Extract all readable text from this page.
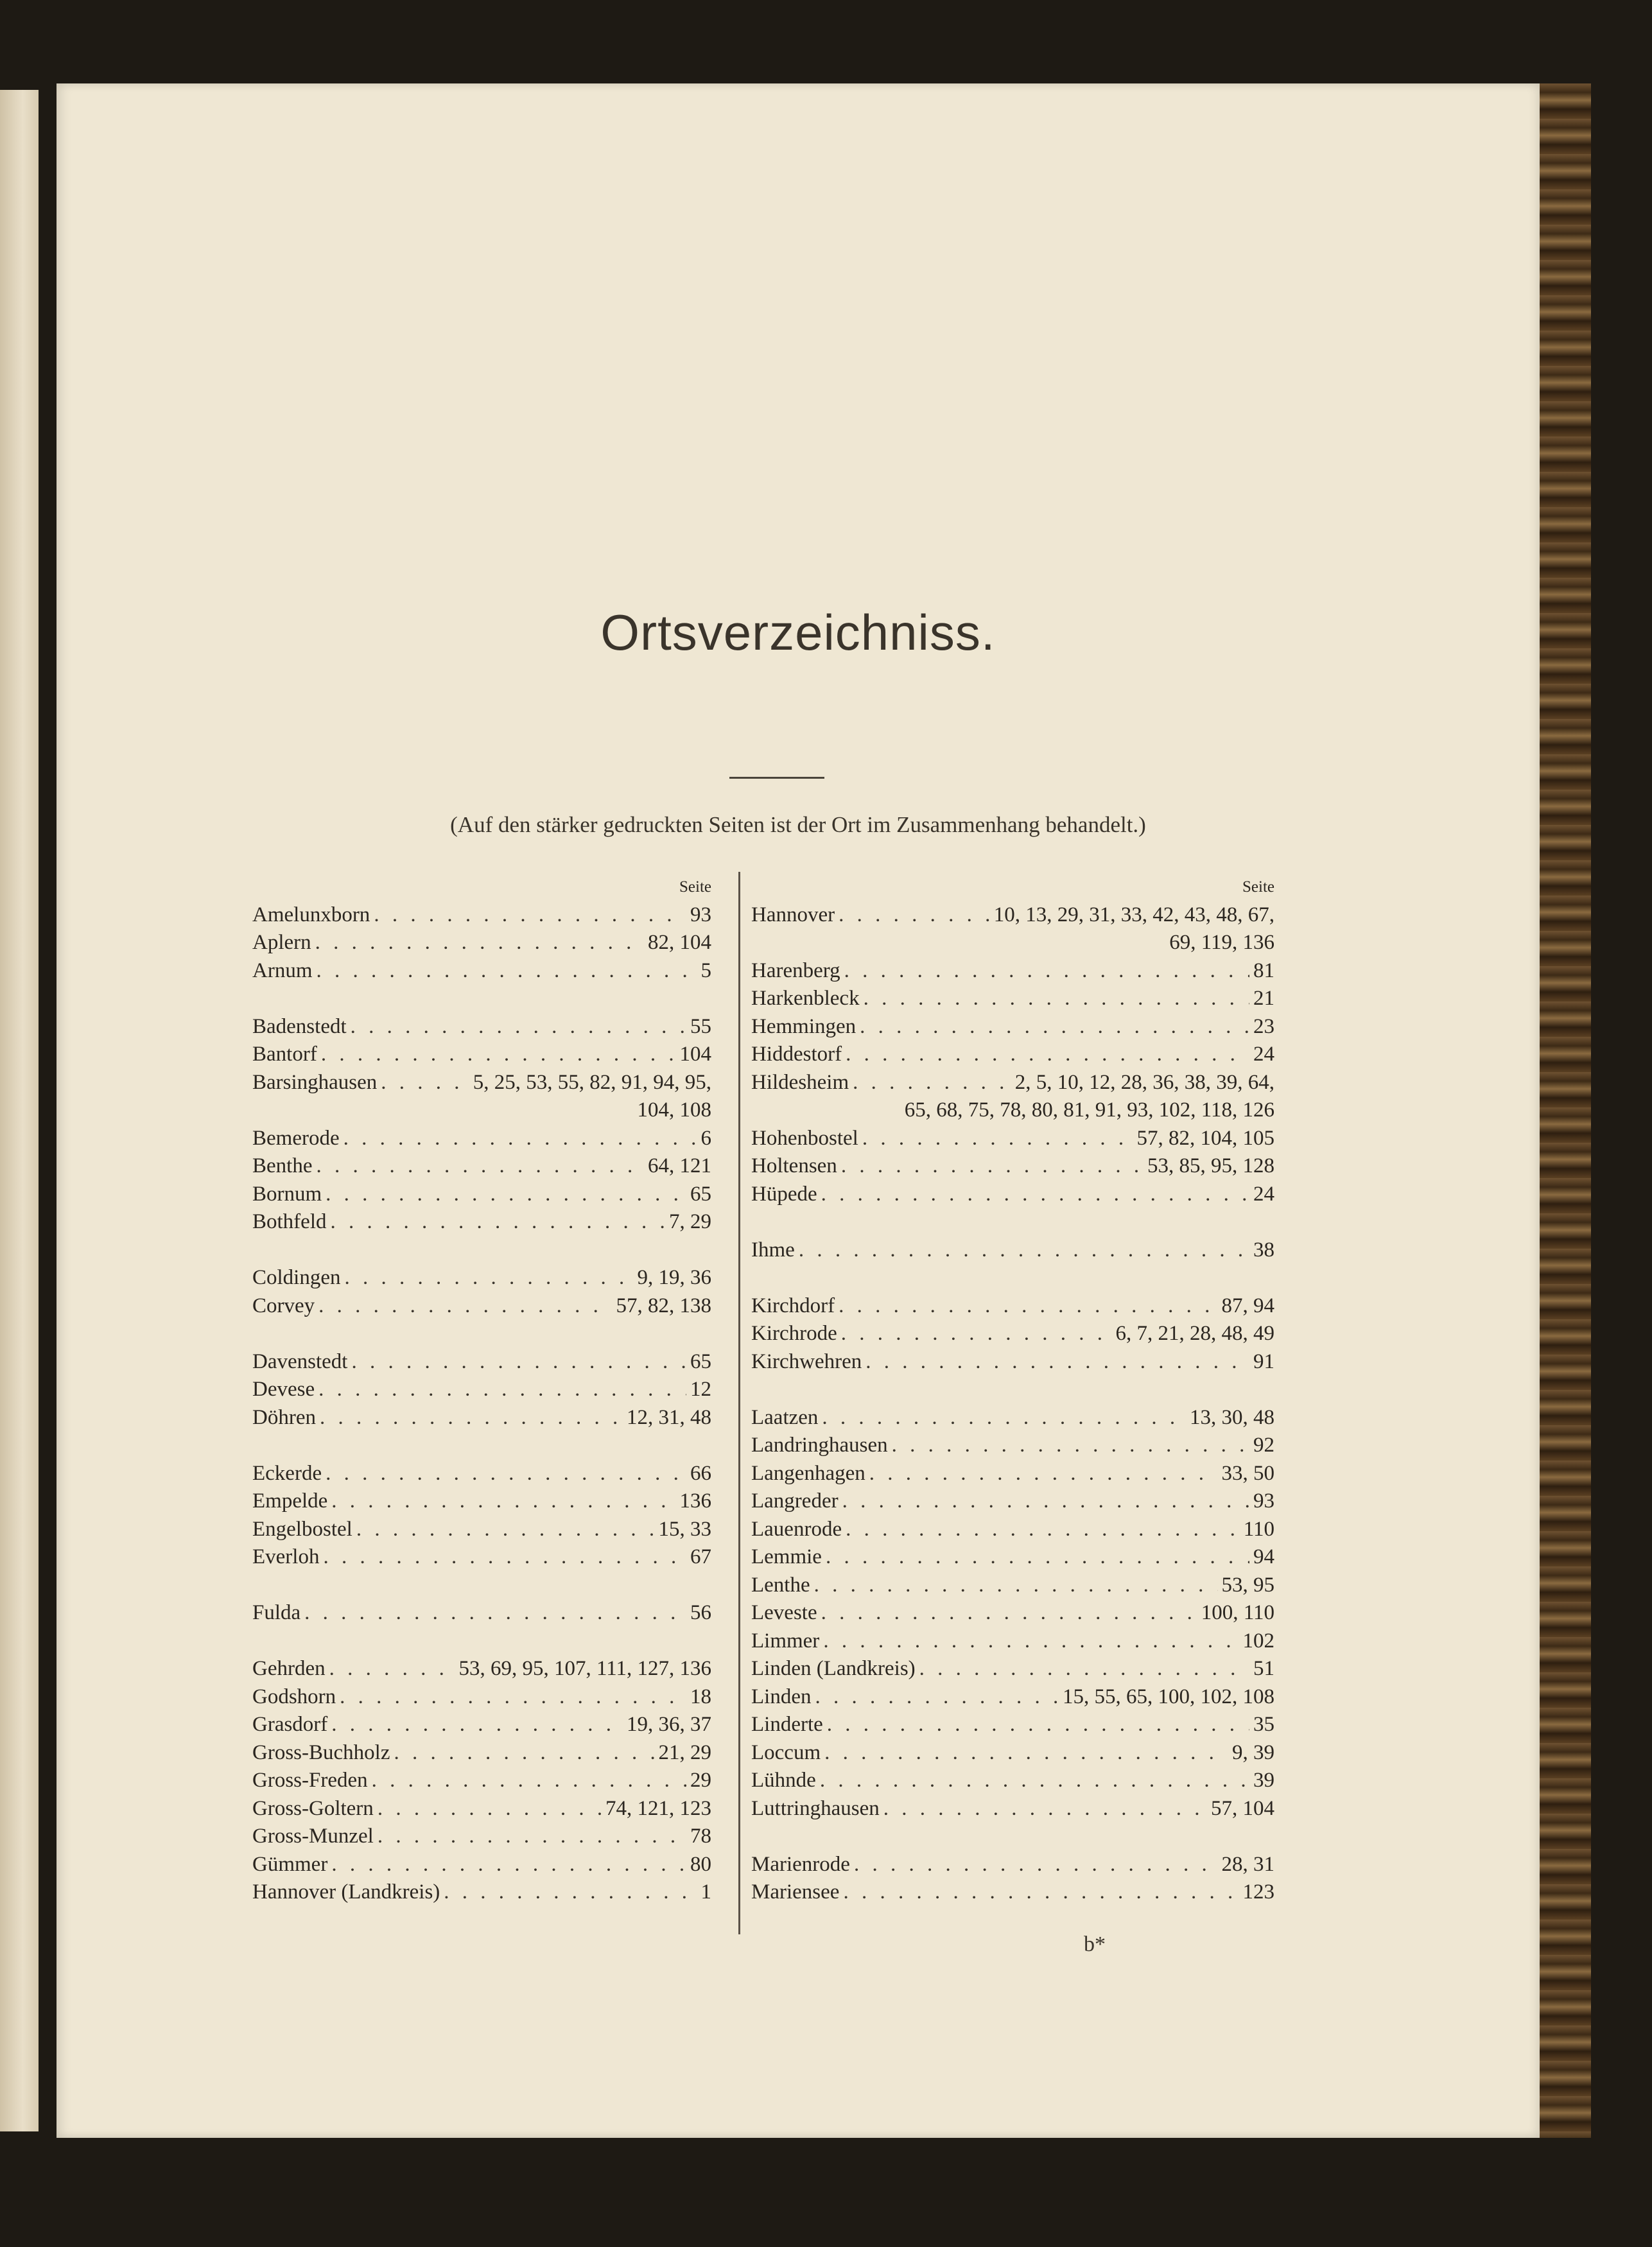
Ortsverzeichniss.
(Auf den stärker gedruckten Seiten ist der Ort im Zusammenhang behandelt.)
Seite
Amelunxborn . . .	93
Aplern . . .	82, 104
Arnum . . .	5
Badenstedt . . .	55
Bantorf . . .	104
Barsinghausen . . .	5, 25, 53, 55, 82, 91, 94, 95,
104, 108
Bemerode . . .	6
Benthe . . .	64, 121
Bornum . . .	65
Bothfeld . . .	7, 29
Coldingen . . .	9, 19, 36
Corvey . . .	57, 82, 138
Davenstedt . . .	65
Devese . . .	12
Döhren . . .	12, 31, 48
Eckerde . . .	66
Empelde . . .	136
Engelbostel . . .	15, 33
Everloh . . .	67
Fulda . . .	56
Gehrden . . .	53, 69, 95, 107, 111, 127, 136
Godshorn . . .	18
Grasdorf . . .	19, 36, 37
Gross-Buchholz . . .	21, 29
Gross-Freden . . .	29
Gross-Goltern . . .	74, 121, 123
Gross-Munzel . . .	78
Gümmer . . .	80
Hannover (Landkreis) . . .	1
Seite
Hannover . . .	10, 13, 29, 31, 33, 42, 43, 48, 67,
69, 119, 136
Harenberg . . .	81
Harkenbleck . . .	21
Hemmingen . . .	23
Hiddestorf . . .	24
Hildesheim . . .	2, 5, 10, 12, 28, 36, 38, 39, 64,
65, 68, 75, 78, 80, 81, 91, 93, 102, 118, 126
Hohenbostel . . .	57, 82, 104, 105
Holtensen . . .	53, 85, 95, 128
Hüpede . . .	24
Ihme . . .	38
Kirchdorf . . .	87, 94
Kirchrode . . .	6, 7, 21, 28, 48, 49
Kirchwehren . . .	91
Laatzen . . .	13, 30, 48
Landringhausen . . .	92
Langenhagen . . .	33, 50
Langreder . . .	93
Lauenrode . . .	110
Lemmie . . .	94
Lenthe . . .	53, 95
Leveste . . .	100, 110
Limmer . . .	102
Linden (Landkreis) . . .	51
Linden . . .	15, 55, 65, 100, 102, 108
Linderte . . .	35
Loccum . . .	9, 39
Lühnde . . .	39
Luttringhausen . . .	57, 104
Marienrode . . .	28, 31
Mariensee . . .	123
b*
